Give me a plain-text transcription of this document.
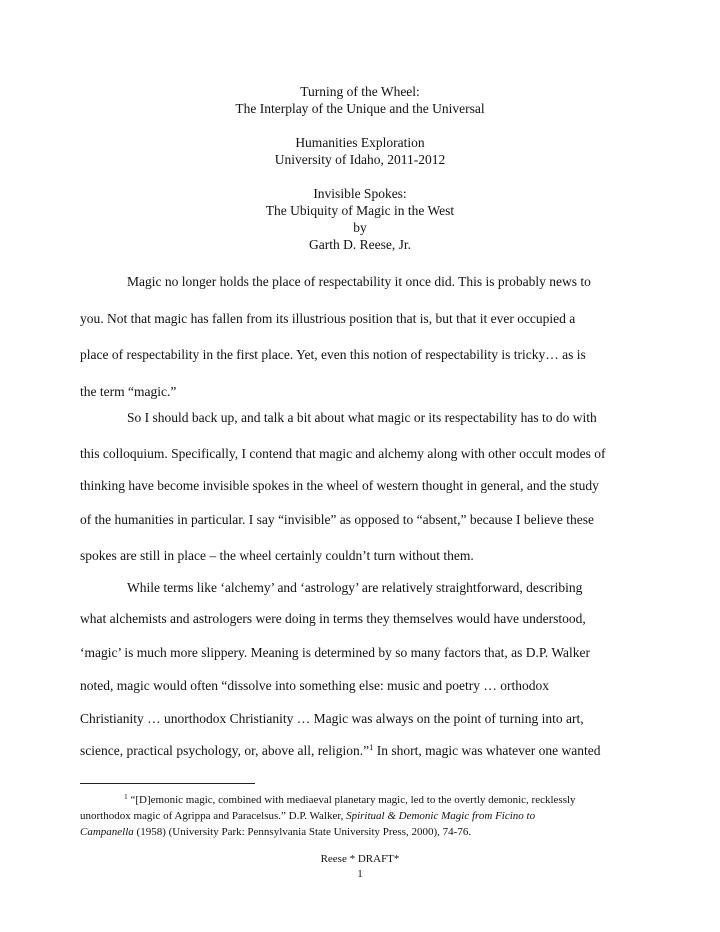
Turning of the Wheel:
The Interplay of the Unique and the Universal
Humanities Exploration
University of Idaho, 2011-2012
Invisible Spokes:
The Ubiquity of Magic in the West
by
Garth D. Reese, Jr.
Magic no longer holds the place of respectability it once did. This is probably news to
you. Not that magic has fallen from its illustrious position that is, but that it ever occupied a
place of respectability in the first place. Yet, even this notion of respectability is tricky… as is
the term “magic.”
So I should back up, and talk a bit about what magic or its respectability has to do with
this colloquium. Specifically, I contend that magic and alchemy along with other occult modes of
thinking have become invisible spokes in the wheel of western thought in general, and the study
of the humanities in particular. I say “invisible” as opposed to “absent,” because I believe these
spokes are still in place – the wheel certainly couldn’t turn without them.
While terms like ‘alchemy’ and ‘astrology’ are relatively straightforward, describing
what alchemists and astrologers were doing in terms they themselves would have understood,
‘magic’ is much more slippery. Meaning is determined by so many factors that, as D.P. Walker
noted, magic would often “dissolve into something else: music and poetry … orthodox
Christianity … unorthodox Christianity … Magic was always on the point of turning into art,
science, practical psychology, or, above all, religion.”$^1$ In short, magic was whatever one wanted
$^1$ “[D]emonic magic, combined with mediaeval planetary magic, led to the overtly demonic, recklessly
unorthodox magic of Agrippa and Paracelsus.” D.P. Walker, Spiritual & Demonic Magic from Ficino to
Campanella (1958) (University Park: Pennsylvania State University Press, 2000), 74-76.
Reese * DRAFT*
1
